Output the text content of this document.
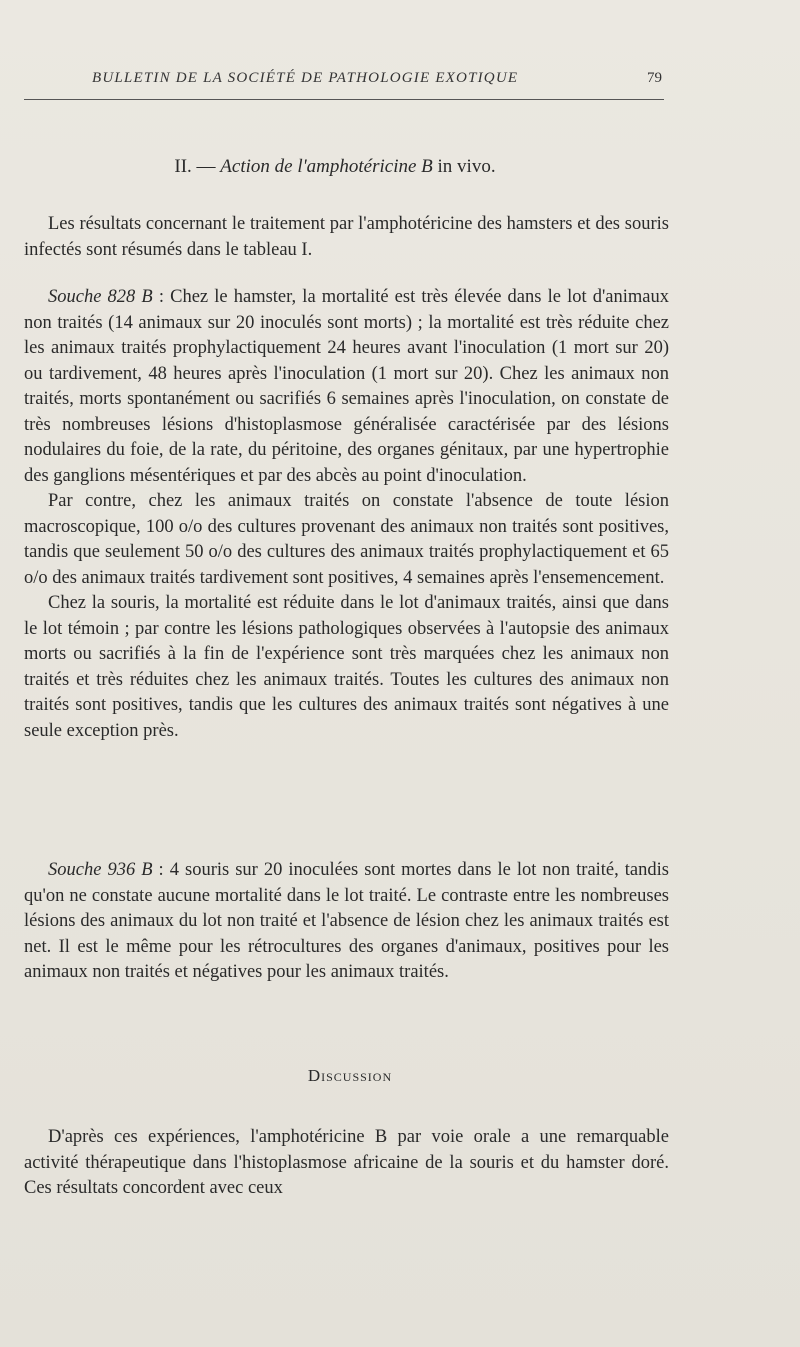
BULLETIN DE LA SOCIÉTÉ DE PATHOLOGIE EXOTIQUE	79
II. — Action de l'amphotéricine B in vivo.

Les résultats concernant le traitement par l'amphotéricine des hamsters et des souris infectés sont résumés dans le tableau I.

Souche 828 B : Chez le hamster, la mortalité est très élevée dans le lot d'animaux non traités (14 animaux sur 20 inoculés sont morts) ; la mortalité est très réduite chez les animaux traités prophylactiquement 24 heures avant l'inoculation (1 mort sur 20) ou tardivement, 48 heures après l'inoculation (1 mort sur 20). Chez les animaux non traités, morts spontanément ou sacrifiés 6 semaines après l'inoculation, on constate de très nombreuses lésions d'histoplasmose généralisée caractérisée par des lésions nodulaires du foie, de la rate, du péritoine, des organes génitaux, par une hypertrophie des ganglions mésentériques et par des abcès au point d'inoculation.

Par contre, chez les animaux traités on constate l'absence de toute lésion macroscopique, 100 o/o des cultures provenant des animaux non traités sont positives, tandis que seulement 50 o/o des cultures des animaux traités prophylactiquement et 65 o/o des animaux traités tardivement sont positives, 4 semaines après l'ensemencement.

Chez la souris, la mortalité est réduite dans le lot d'animaux traités, ainsi que dans le lot témoin ; par contre les lésions pathologiques observées à l'autopsie des animaux morts ou sacrifiés à la fin de l'expérience sont très marquées chez les animaux non traités et très réduites chez les animaux traités. Toutes les cultures des animaux non traités sont positives, tandis que les cultures des animaux traités sont négatives à une seule exception près.

Souche 936 B : 4 souris sur 20 inoculées sont mortes dans le lot non traité, tandis qu'on ne constate aucune mortalité dans le lot traité. Le contraste entre les nombreuses lésions des animaux du lot non traité et l'absence de lésion chez les animaux traités est net. Il est le même pour les rétrocultures des organes d'animaux, positives pour les animaux non traités et négatives pour les animaux traités.

Discussion

D'après ces expériences, l'amphotéricine B par voie orale a une remarquable activité thérapeutique dans l'histoplasmose africaine de la souris et du hamster doré. Ces résultats concordent avec ceux
